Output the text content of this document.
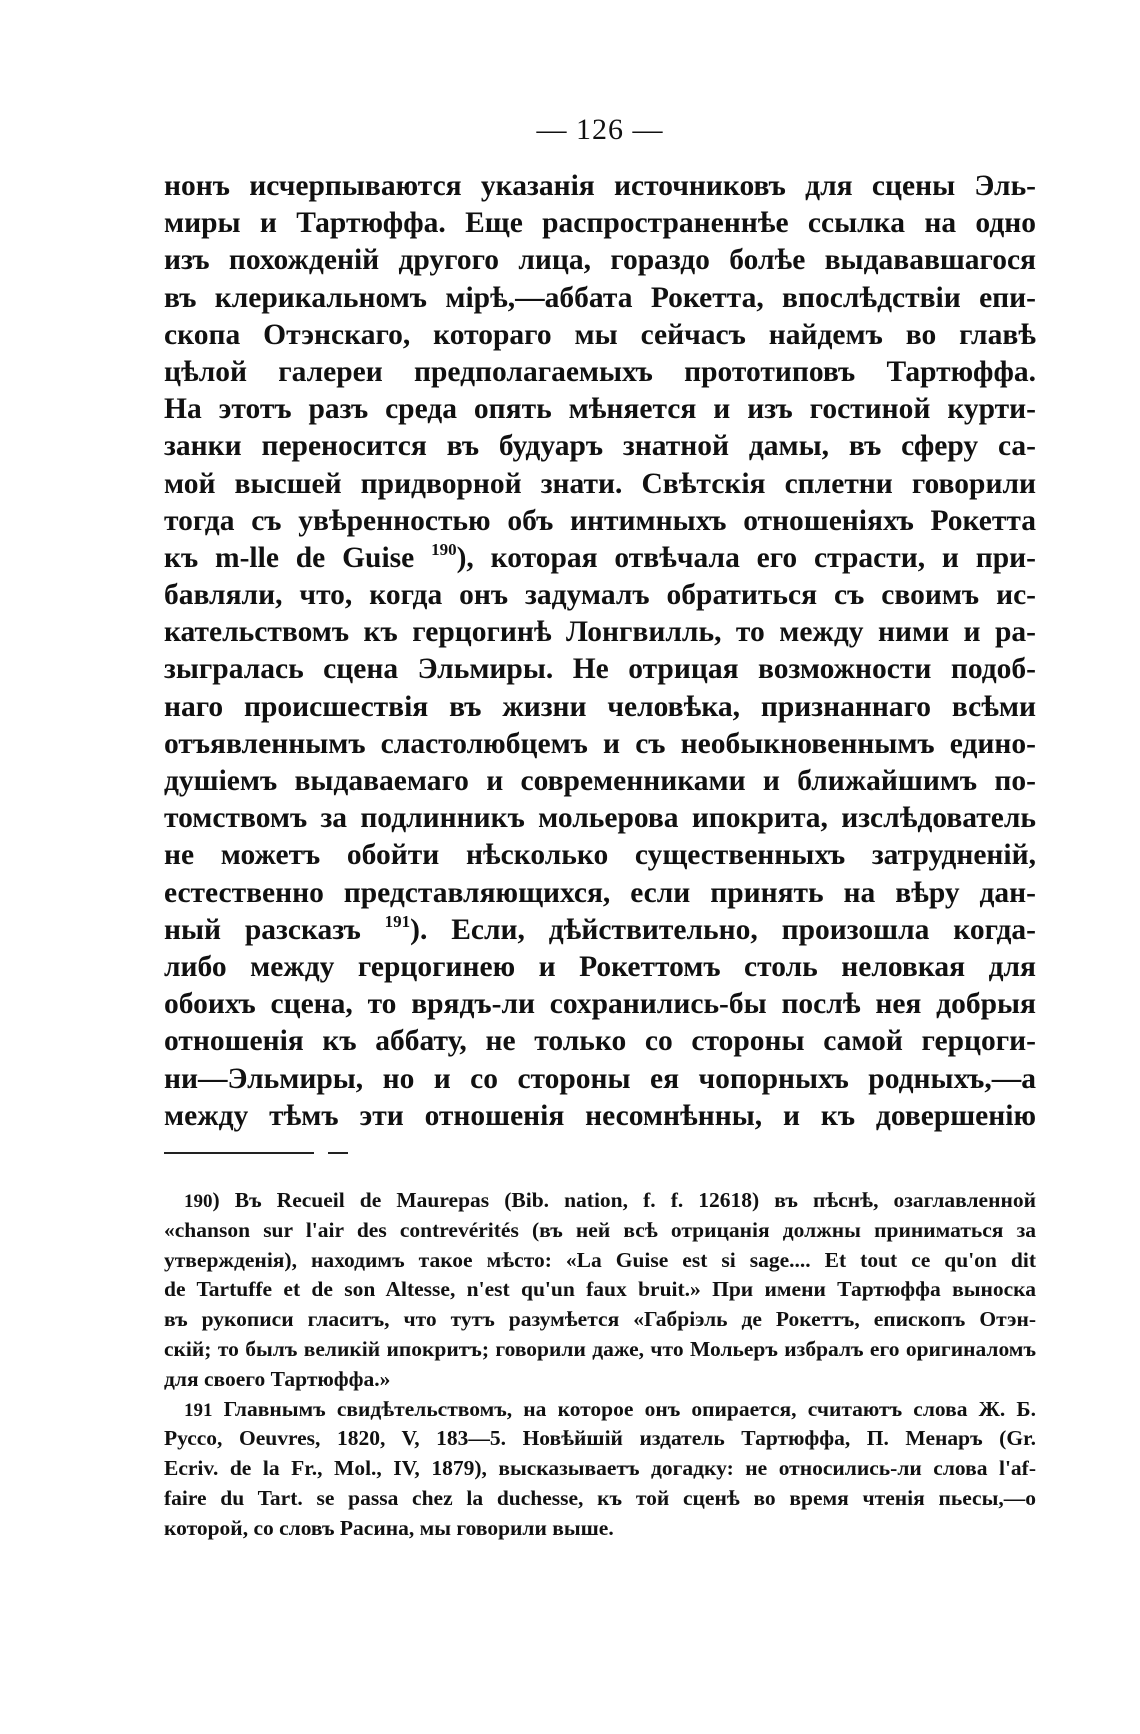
— 126 —
нонъ исчерпываются указанія источниковъ для сцены Эль-
миры и Тартюффа. Еще распространеннѣе ссылка на одно
изъ похожденій другого лица, гораздо болѣе выдававшагося
въ клерикальномъ мірѣ,—аббата Рокетта, впослѣдствіи епи-
скопа Отэнскаго, котораго мы сейчасъ найдемъ во главѣ
цѣлой галереи предполагаемыхъ прототиповъ Тартюффа.
На этотъ разъ среда опять мѣняется и изъ гостиной курти-
занки переносится въ будуаръ знатной дамы, въ сферу са-
мой высшей придворной знати. Свѣтскія сплетни говорили
тогда съ увѣренностью объ интимныхъ отношеніяхъ Рокетта
къ m-lle de Guise $^{190}$), которая отвѣчала его страсти, и при-
бавляли, что, когда онъ задумалъ обратиться съ своимъ ис-
кательствомъ къ герцогинѣ Лонгвилль, то между ними и ра-
зыгралась сцена Эльмиры. Не отрицая возможности подоб-
наго происшествія въ жизни человѣка, признаннаго всѣми
отъявленнымъ сластолюбцемъ и съ необыкновеннымъ едино-
душіемъ выдаваемаго и современниками и ближайшимъ по-
томствомъ за подлинникъ мольерова ипокрита, изслѣдователь
не можетъ обойти нѣсколько существенныхъ затрудненій,
естественно представляющихся, если принять на вѣру дан-
ный разсказъ $^{191}$). Если, дѣйствительно, произошла когда-
либо между герцогинею и Рокеттомъ столь неловкая для
обоихъ сцена, то врядъ-ли сохранились-бы послѣ нея добрыя
отношенія къ аббату, не только со стороны самой герцоги-
ни—Эльмиры, но и со стороны ея чопорныхъ родныхъ,—а
между тѣмъ эти отношенія несомнѣнны, и къ довершенію
190) Въ Recueil de Maurepas (Bib. nation, f. f. 12618) въ пѣснѣ, озаглавленной
«chanson sur l'air des contrevérités (въ ней всѣ отрицанія должны приниматься за
утвержденія), находимъ такое мѣсто: «La Guise est si sage.... Et tout ce qu'on dit
de Tartuffe et de son Altesse, n'est qu'un faux bruit.» При имени Тартюффа выноска
въ рукописи гласитъ, что тутъ разумѣется «Габріэль де Рокеттъ, епископъ Отэн-
скій; то былъ великій ипокритъ; говорили даже, что Мольеръ избралъ его оригиналомъ
для своего Тартюффа.»
191 Главнымъ свидѣтельствомъ, на которое онъ опирается, считаютъ слова Ж. Б.
Руссо, Oeuvres, 1820, V, 183—5. Новѣйшій издатель Тартюффа, П. Менаръ (Gr.
Ecriv. de la Fr., Mol., IV, 1879), высказываетъ догадку: не относились-ли слова l'af-
faire du Tart. se passa chez la duchesse, къ той сценѣ во время чтенія пьесы,—о
которой, со словъ Расина, мы говорили выше.
